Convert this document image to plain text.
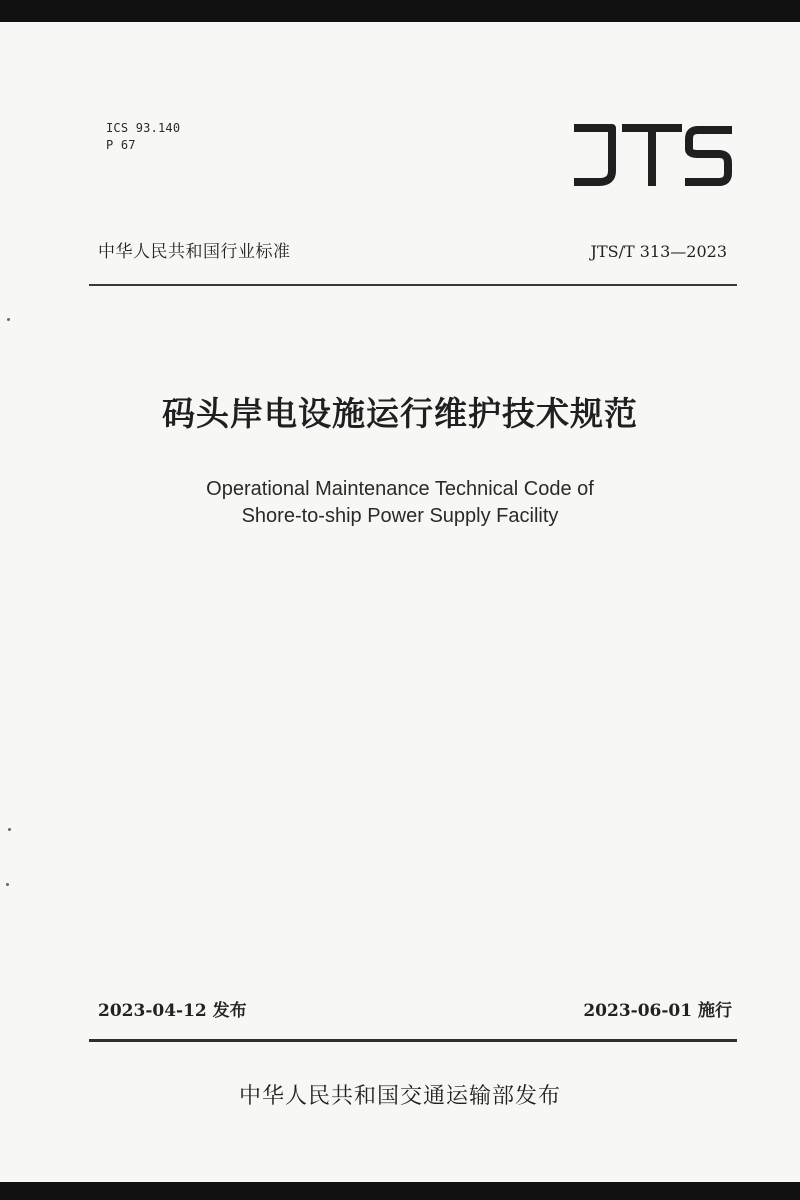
ICS 93.140
P 67
中华人民共和国行业标准	JTS/T 313—2023
码头岸电设施运行维护技术规范
Operational Maintenance Technical Code of
Shore-to-ship Power Supply Facility
2023-04-12 发布	2023-06-01 施行
中华人民共和国交通运输部发布
